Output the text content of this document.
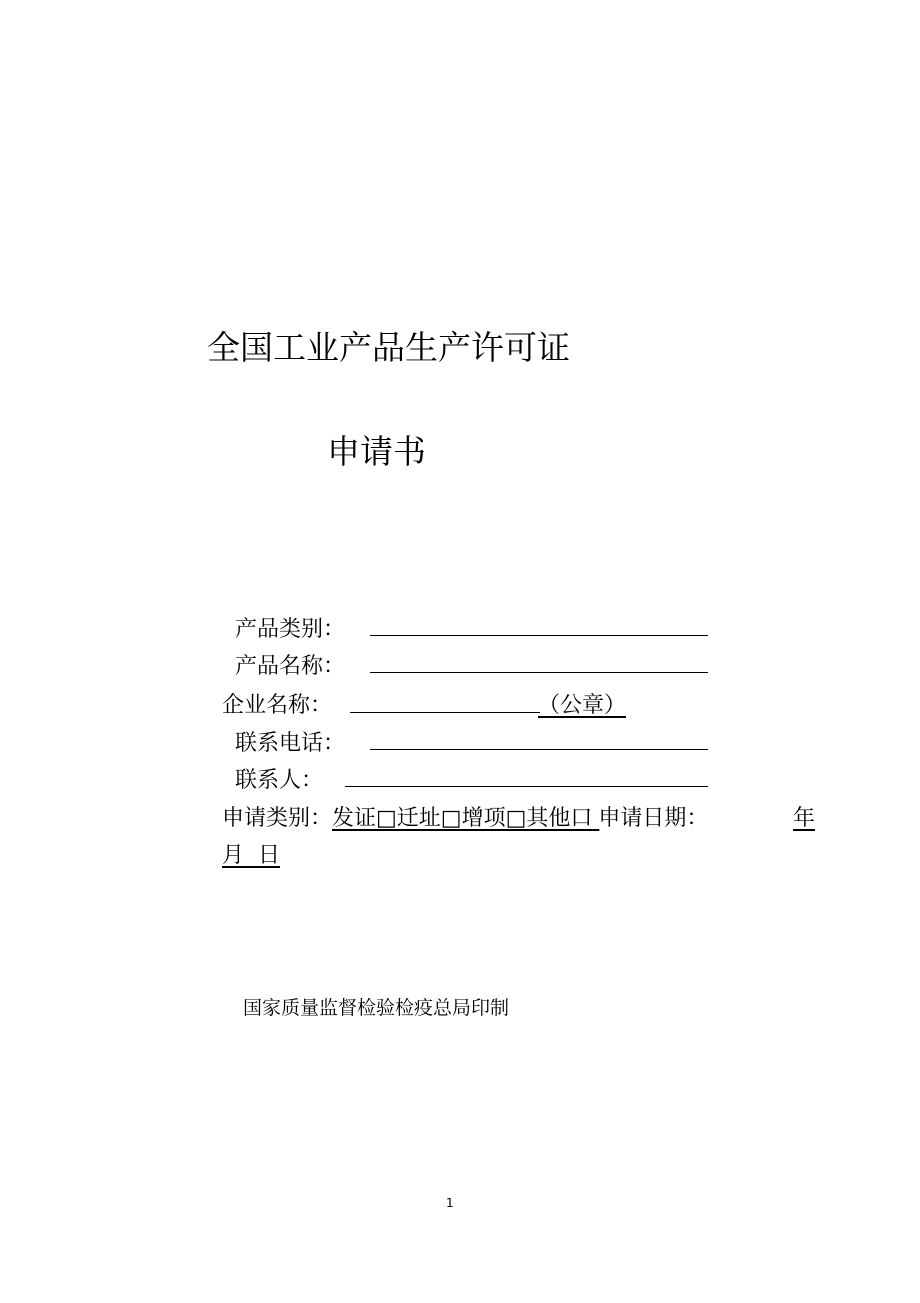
全国工业产品生产许可证
申请书
产品类别：
产品名称：
企业名称：	（公章）
联系电话：
联系人：
申请类别：发证□迁址□增项□其他口 申请日期：	年
月  日
国家质量监督检验检疫总局印制
1
